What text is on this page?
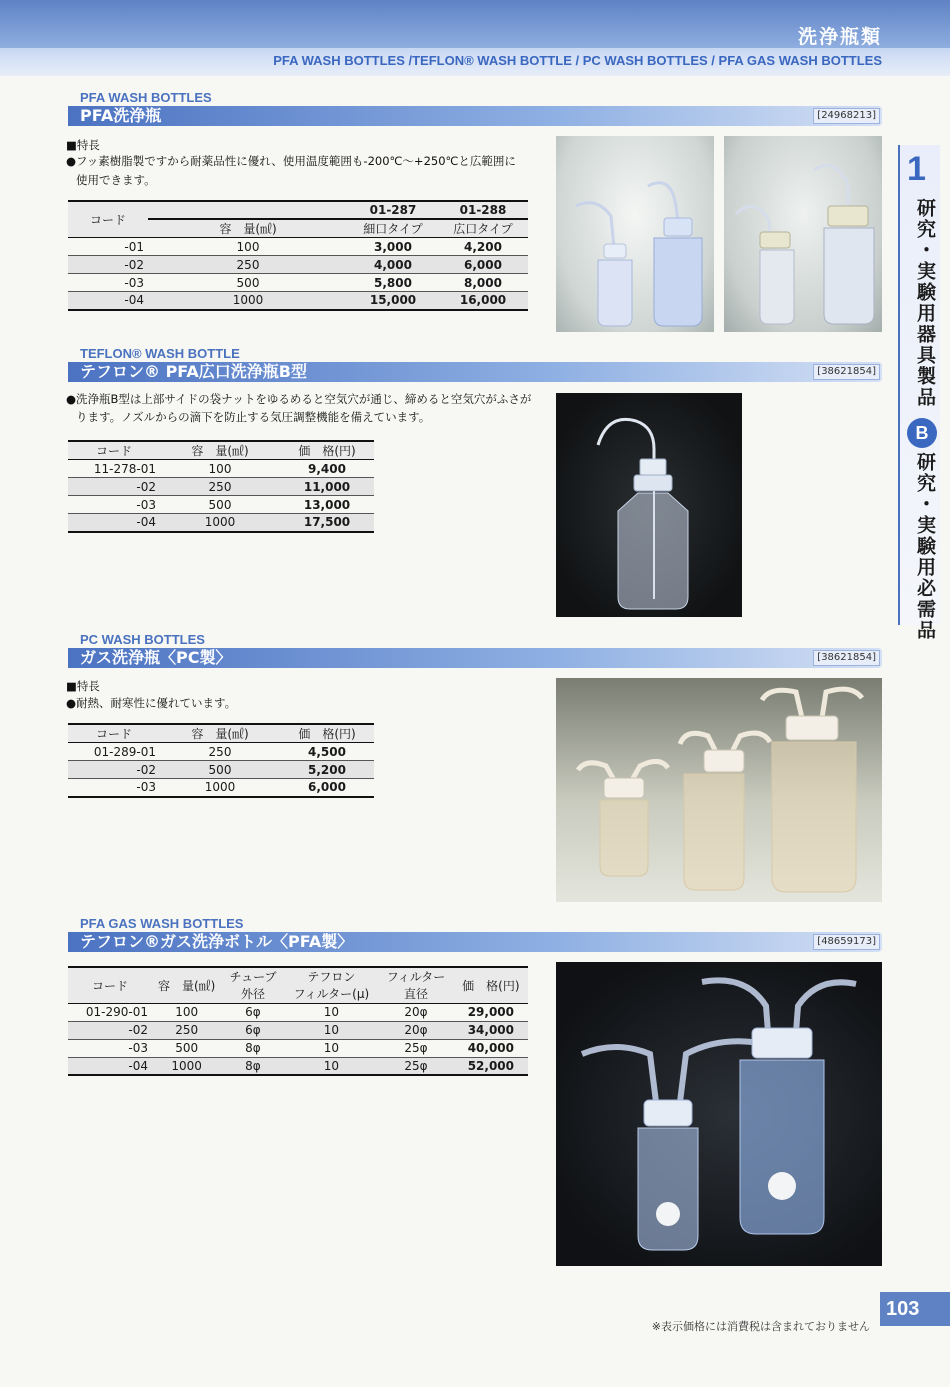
洗浄瓶類
PFA WASH BOTTLES /TEFLON® WASH BOTTLE / PC WASH BOTTLES / PFA GAS WASH BOTTLES
1
研究・実験用器具製品
B
研究・実験用必需品
PFA WASH BOTTLES
PFA洗浄瓶	[24968213]
■特長
●フッ素樹脂製ですから耐薬品性に優れ、使用温度範囲も-200℃～+250℃と広範囲に
使用できます。
コード		01-287	01-288
	容　量(㎖)	細口タイプ	広口タイプ
-01	100	3,000	4,200
-02	250	4,000	6,000
-03	500	5,800	8,000
-04	1000	15,000	16,000
TEFLON® WASH BOTTLE
テフロン® PFA広口洗浄瓶B型	[38621854]
●洗浄瓶B型は上部サイドの袋ナットをゆるめると空気穴が通じ、締めると空気穴がふさが
ります。ノズルからの滴下を防止する気圧調整機能を備えています。
コード	容　量(㎖)	価　格(円)
11-278-01	100	9,400
-02	250	11,000
-03	500	13,000
-04	1000	17,500
PC WASH BOTTLES
ガス洗浄瓶〈PC製〉	[38621854]
■特長
●耐熱、耐寒性に優れています。
コード	容　量(㎖)	価　格(円)
01-289-01	250	4,500
-02	500	5,200
-03	1000	6,000
PFA GAS WASH BOTTLES
テフロン®ガス洗浄ボトル〈PFA製〉	[48659173]
コード	容　量(㎖)	チューブ	テフロン	フィルター	価　格(円)
		外径	フィルター(μ)	直径	
01-290-01	100	6φ	10	20φ	29,000
-02	250	6φ	10	20φ	34,000
-03	500	8φ	10	25φ	40,000
-04	1000	8φ	10	25φ	52,000
※表示価格には消費税は含まれておりません
103
